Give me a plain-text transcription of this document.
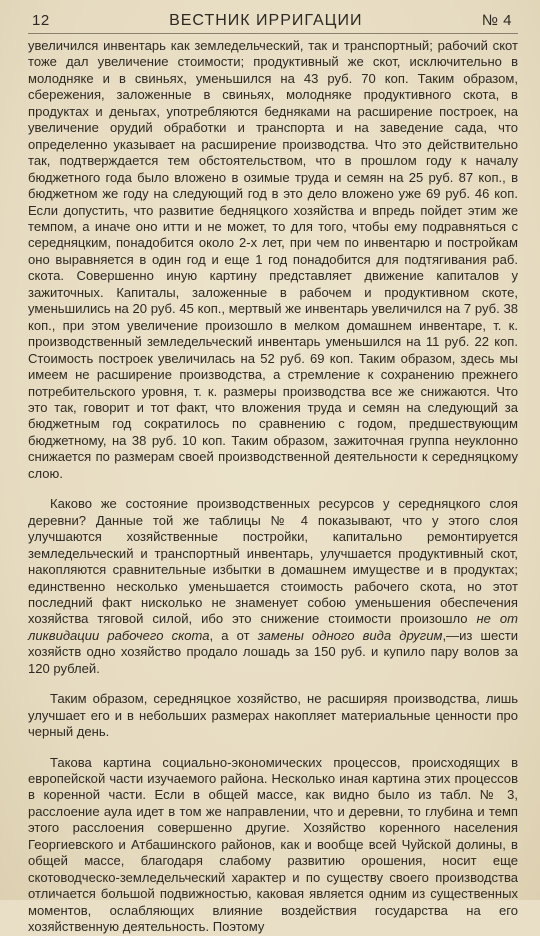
12	ВЕСТНИК ИРРИГАЦИИ	№ 4

увеличился инвентарь как земледельческий, так и транспортный; рабочий скот тоже дал увеличение стоимости; продуктивный же скот, исключительно в молодняке и в свиньях, уменьшился на 43 руб. 70 коп. Таким образом, сбережения, заложенные в свиньях, молодняке продуктивного скота, в продуктах и деньгах, употребляются бедняками на расширение построек, на увеличение орудий обработки и транспорта и на заведение сада, что определенно указывает на расширение производства. Что это действительно так, подтверждается тем обстоятельством, что в прошлом году к началу бюджетного года было вложено в озимые труда и семян на 25 руб. 87 коп., в бюджетном же году на следующий год в это дело вложено уже 69 руб. 46 коп. Если допустить, что развитие бедняцкого хозяйства и впредь пойдет этим же темпом, а иначе оно итти и не может, то для того, чтобы ему подравняться с середняцким, понадобится около 2-х лет, при чем по инвентарю и постройкам оно выравняется в один год и еще 1 год понадобится для подтягивания раб. скота. Совершенно иную картину представляет движение капиталов у зажиточных. Капиталы, заложенные в рабочем и продуктивном скоте, уменьшились на 20 руб. 45 коп., мертвый же инвентарь увеличился на 7 руб. 38 коп., при этом увеличение произошло в мелком домашнем инвентаре, т. к. производственный земледельческий инвентарь уменьшился на 11 руб. 22 коп. Стоимость построек увеличилась на 52 руб. 69 коп. Таким образом, здесь мы имеем не расширение производства, а стремление к сохранению прежнего потребительского уровня, т. к. размеры производства все же снижаются. Что это так, говорит и тот факт, что вложения труда и семян на следующий за бюджетным год сократилось по сравнению с годом, предшествующим бюджетному, на 38 руб. 10 коп. Таким образом, зажиточная группа неуклонно снижается по размерам своей производственной деятельности к середняцкому слою.

Каково же состояние производственных ресурсов у середняцкого слоя деревни? Данные той же таблицы № 4 показывают, что у этого слоя улучшаются хозяйственные постройки, капитально ремонтируется земледельческий и транспортный инвентарь, улучшается продуктивный скот, накопляются сравнительные избытки в домашнем имуществе и в продуктах; единственно несколько уменьшается стоимость рабочего скота, но этот последний факт нисколько не знаменует собою уменьшения обеспечения хозяйства тяговой силой, ибо это снижение стоимости произошло не от ликвидации рабочего скота, а от замены одного вида другим,—из шести хозяйств одно хозяйство продало лошадь за 150 руб. и купило пару волов за 120 рублей.

Таким образом, середняцкое хозяйство, не расширяя производства, лишь улучшает его и в небольших размерах накопляет материальные ценности про черный день.

Такова картина социально-экономических процессов, происходящих в европейской части изучаемого района. Несколько иная картина этих процессов в коренной части. Если в общей массе, как видно было из табл. № 3, расслоение аула идет в том же направлении, что и деревни, то глубина и темп этого расслоения совершенно другие. Хозяйство коренного населения Георгиевского и Атбашинского районов, как и вообще всей Чуйской долины, в общей массе, благодаря слабому развитию орошения, носит еще скотоводческо-земледельческий характер и по существу своего производства отличается большой подвижностью, каковая является одним из существенных моментов, ослабляющих влияние воздействия государства на его хозяйственную деятельность. Поэтому
